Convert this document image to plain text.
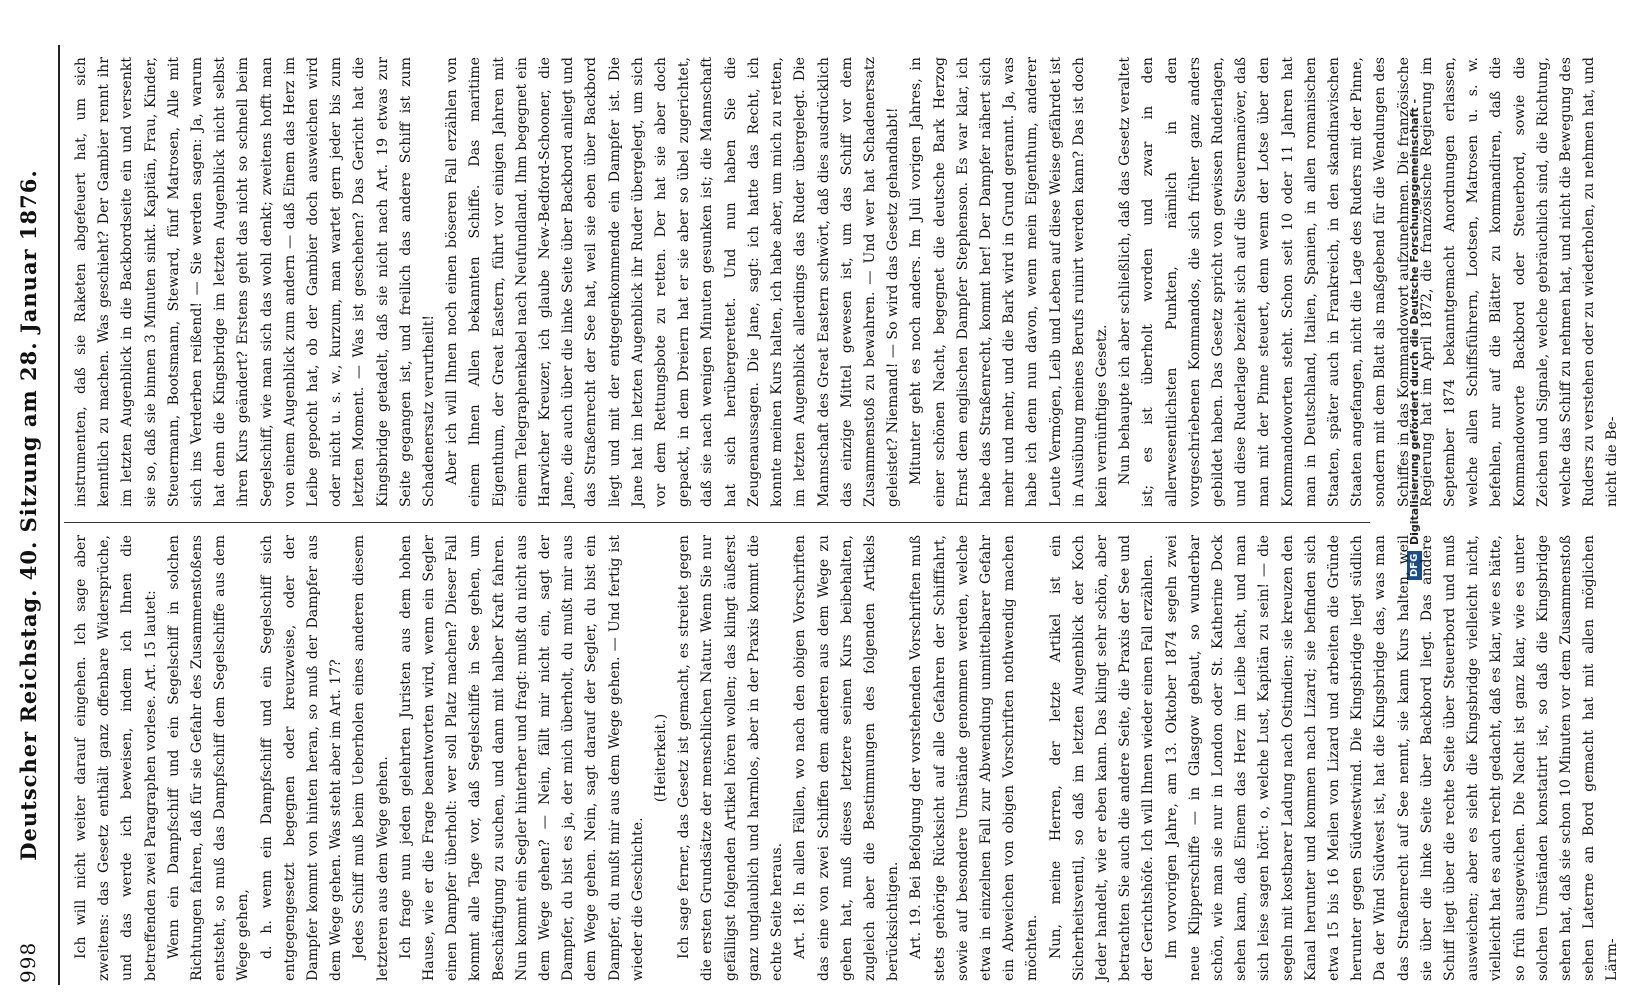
DFG
Digitalisierung gefördert durch die Deutsche Forschungsgemeinschaft -
998
Deutscher Reichstag. 40. Sitzung am 28. Januar 1876. Ich will nicht weiter darauf eingehen. Ich sage aber zweitens: das Gesetz enthält ganz offenbare Widersprüche, und das werde ich beweisen, indem ich Ihnen die betreffenden zwei Paragraphen vorlese. Art. 15 lautet: Wenn ein Dampfschiff und ein Segelschiff in solchen Richtungen fahren, daß für sie Gefahr des Zusammenstoßens entsteht, so muß das Dampfschiff dem Segelschiffe aus dem Wege gehen, d. h. wenn ein Dampfschiff und ein Segelschiff sich entgegengesetzt begegnen oder kreuzweise, oder der Dampfer kommt von hinten heran, so muß der Dampfer aus dem Wege gehen. Was steht aber im Art. 17? Jedes Schiff muß beim Ueberholen eines anderen diesem letzteren aus dem Wege gehen. Ich frage nun jeden gelehrten Juristen aus dem hohen Hause, wie er die Frage beantworten wird, wenn ein Segler einen Dampfer überholt: wer soll Platz machen? Dieser Fall kommt alle Tage vor, daß Segelschiffe in See gehen, um Beschäftigung zu suchen, und dann mit halber Kraft fahren. Nun kommt ein Segler hinterher und fragt: mußt du nicht aus dem Wege gehen? — Nein, fällt mir nicht ein, sagt der Dampfer, du bist es ja, der mich überholt, du mußt mir aus dem Wege gehen. Nein, sagt darauf der Segler, du bist ein Dampfer, du mußt mir aus dem Wege gehen. — Und fertig ist wieder die Geschichte.

(Heiterkeit.) Ich sage ferner, das Gesetz ist gemacht, es streitet gegen die ersten Grundsätze der menschlichen Natur. Wenn Sie nur gefälligst folgenden Artikel hören wollen; das klingt äußerst ganz unglaublich und harmlos, aber in der Praxis kommt die echte Seite heraus. Art. 18: In allen Fällen, wo nach den obigen Vorschriften das eine von zwei Schiffen dem anderen aus dem Wege zu gehen hat, muß dieses letztere seinen Kurs beibehalten, zugleich aber die Bestimmungen des folgenden Artikels berücksichtigen. Art. 19. Bei Befolgung der vorstehenden Vorschriften muß stets gehörige Rücksicht auf alle Gefahren der Schifffahrt, sowie auf besondere Umstände genommen werden, welche etwa in einzelnen Fall zur Abwendung unmittelbarer Gefahr ein Abweichen von obigen Vorschriften nothwendig machen möchten. Nun, meine Herren, der letzte Artikel ist ein Sicherheitsventil, so daß im letzten Augenblick der Koch Jeder handelt, wie er eben kann. Das klingt sehr schön, aber betrachten Sie auch die andere Seite, die Praxis der See und der Gerichtshöfe. Ich will Ihnen wieder einen Fall erzählen. Im vorvorigen Jahre, am 13. Oktober 1874 segeln zwei neue Klipperschiffe — in Glasgow gebaut, so wunderbar schön, wie man sie nur in London oder St. Katherine Dock sehen kann, daß Einem das Herz im Leibe lacht, und man sich leise sagen hört: o, welche Lust, Kapitän zu sein! — die segeln mit kostbarer Ladung nach Ostindien; sie kreuzen den Kanal herunter und kommen nach Lizard; sie befinden sich etwa 15 bis 16 Meilen von Lizard und arbeiten die Gründe herunter gegen Südwestwind. Die Kingsbridge liegt südlich Da der Wind Südwest ist, hat die Kingsbridge das, was man das Straßenrecht auf See nennt, sie kann Kurs halten, weil sie über die linke Seite über Backbord liegt. Das andere Schiff liegt über die rechte Seite über Steuerbord und muß ausweichen; aber es sieht die Kingsbridge vielleicht nicht, vielleicht hat es auch recht gedacht, daß es klar, wie es hätte, so früh ausgewichen. Die Nacht ist ganz klar, wie es unter solchen Umständen konstatirt ist, so daß die Kingsbridge sehen hat, daß sie schon 10 Minuten vor dem Zusammenstoß sehen Laterne an Bord gemacht hat mit allen möglichen Lärm-

instrumenten, daß sie Raketen abgefeuert hat, um sich kenntlich zu machen. Was geschieht? Der Gambier rennt ihr im letzten Augenblick in die Backbordseite ein und versenkt sie so, daß sie binnen 3 Minuten sinkt. Kapitän, Frau, Kinder, Steuermann, Bootsmann, Steward, fünf Matrosen, Alle mit sich ins Verderben reißend! — Sie werden sagen: Ja, warum hat denn die Kingsbridge im letzten Augenblick nicht selbst ihren Kurs geändert? Erstens geht das nicht so schnell beim Segelschiff, wie man sich das wohl denkt; zweitens hofft man von einem Augenblick zum andern — daß Einem das Herz im Leibe gepocht hat, ob der Gambier doch ausweichen wird oder nicht u. s. w., kurzum, man wartet gern jeder bis zum letzten Moment. — Was ist geschehen? Das Gericht hat die Kingsbridge getadelt, daß sie nicht nach Art. 19 etwas zur Seite gegangen ist, und freilich das andere Schiff ist zum Schadenersatz verurtheilt! Aber ich will Ihnen noch einen böseren Fall erzählen von einem Ihnen Allen bekannten Schiffe. Das maritime Eigenthum, der Great Eastern, führt vor einigen Jahren mit einem Telegraphenkabel nach Neufundland. Ihm begegnet ein Harwicher Kreuzer, ich glaube New-Bedford-Schooner, die Jane, die auch über die linke Seite über Backbord anliegt und das Straßenrecht der See hat, weil sie eben über Backbord liegt und mit der entgegenkommende ein Dampfer ist. Die Jane hat im letzten Augenblick ihr Ruder übergelegt, um sich vor dem Rettungsbote zu retten. Der hat sie aber doch gepackt, in dem Dreiern hat er sie aber so übel zugerichtet, daß sie nach wenigen Minuten gesunken ist; die Mannschaft hat sich herübergerettet. Und nun haben Sie die Zeugenaussagen. Die Jane, sagt: ich hatte das Recht, ich konnte meinen Kurs halten, ich habe aber, um mich zu retten, im letzten Augenblick allerdings das Ruder übergelegt. Die Mannschaft des Great Eastern schwört, daß dies ausdrücklich das einzige Mittel gewesen ist, um das Schiff vor dem Zusammenstoß zu bewahren. — Und wer hat Schadenersatz geleistet? Niemand! — So wird das Gesetz gehandhabt! Mitunter geht es noch anders. Im Juli vorigen Jahres, in einer schönen Nacht, begegnet die deutsche Bark Herzog Ernst dem englischen Dampfer Stephenson. Es war klar, ich habe das Straßenrecht, kommt her! Der Dampfer nähert sich mehr und mehr, und die Bark wird in Grund gerannt. Ja, was habe ich denn nun davon, wenn mein Eigenthum, anderer Leute Vermögen, Leib und Leben auf diese Weise gefährdet ist in Ausübung meines Berufs ruinirt werden kann? Das ist doch kein vernünftiges Gesetz. Nun behaupte ich aber schließlich, daß das Gesetz veraltet ist; es ist überholt worden und zwar in den allerwesentlichsten Punkten, nämlich in den vorgeschriebenen Kommandos, die sich früher ganz anders gebildet haben. Das Gesetz spricht von gewissen Ruderlagen, und diese Ruderlage bezieht sich auf die Steuermanöver, daß man mit der Pinne steuert, denn wenn der Lotse über den Kommandoworten steht. Schon seit 10 oder 11 Jahren hat man in Deutschland, Italien, Spanien, in allen romanischen Staaten, später auch in Frankreich, in den skandinavischen Staaten angefangen, nicht die Lage des Ruders mit der Pinne, sondern mit dem Blatt als maßgebend für die Wendungen des Schiffes in das Kommandowort aufzunehmen. Die französische Regierung hat im April 1872, die französische Regierung im September 1874 bekanntgemacht Anordnungen erlassen, welche allen Schiffsführern, Lootsen, Matrosen u. s. w. befehlen, nur auf die Blätter zu kommandiren, daß die Kommandoworte Backbord oder Steuerbord, sowie die Zeichen und Signale, welche gebräuchlich sind, die Richtung, welche das Schiff zu nehmen hat, und nicht die Bewegung des Ruders zu verstehen oder zu wiederholen, zu nehmen hat, und nicht die Be-
